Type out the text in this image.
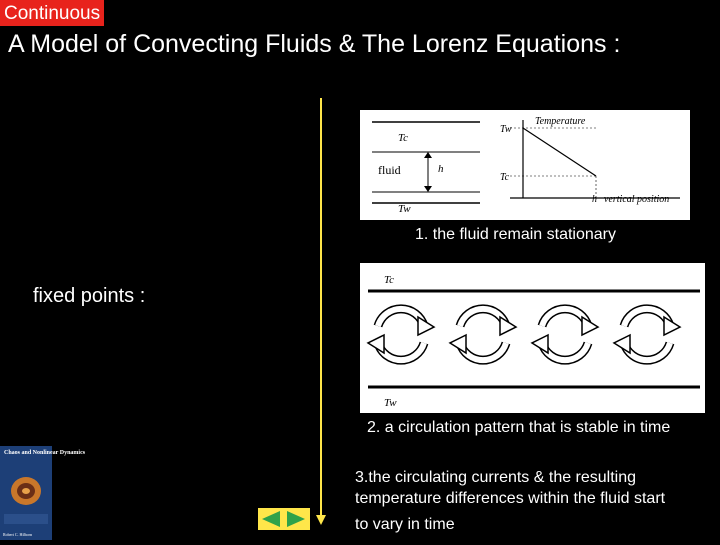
Continuous
A Model of Convecting Fluids & The Lorenz Equations :
fixed points :
Tc
fluid
Tw
h
Tw
Tc
Temperature
h vertical position
1. the fluid remain stationary
Tc
Tw
2. a circulation pattern that is stable in time
3.the circulating currents & the resulting temperature differences within the fluid start
to vary in time
Chaos and Nonlinear Dynamics
Robert C. Hilborn
